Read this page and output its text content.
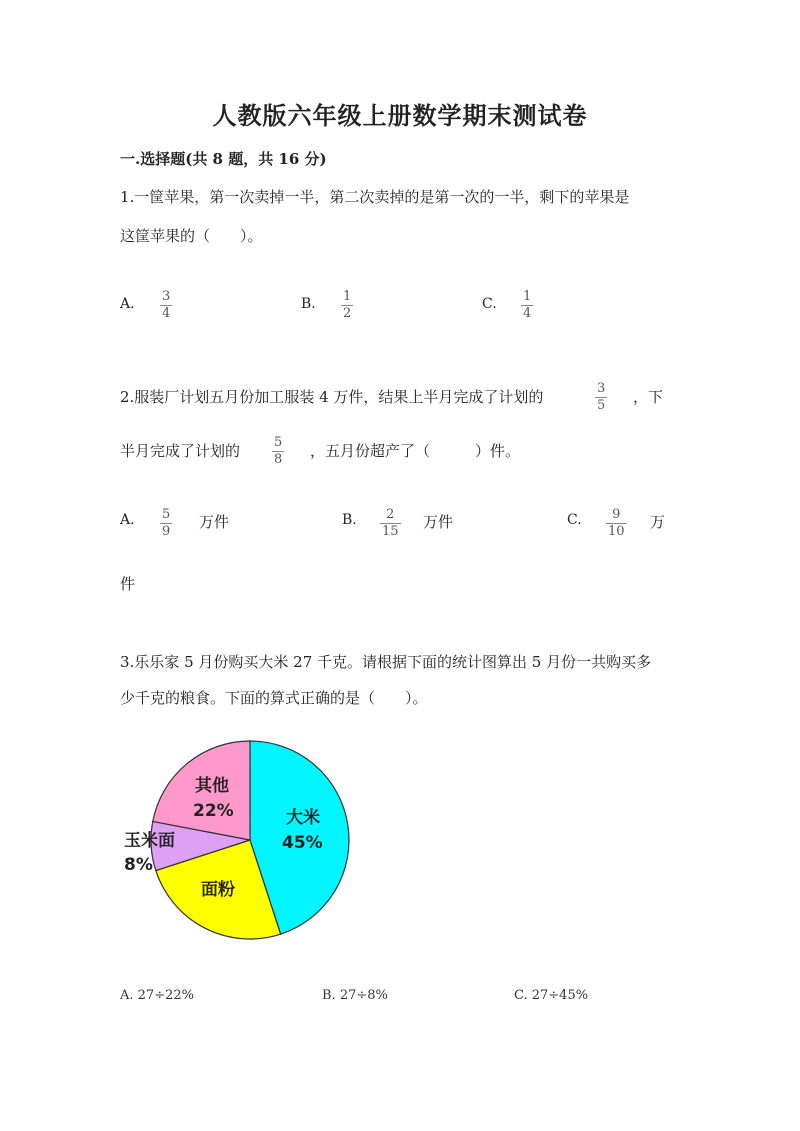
人教版六年级上册数学期末测试卷
一.选择题(共 8 题，共 16 分)
1.一筐苹果，第一次卖掉一半，第二次卖掉的是第一次的一半，剩下的苹果是
这筐苹果的（　　）。
A. $\frac{3}{4}$	B. $\frac{1}{2}$	C. $\frac{1}{4}$
2.服装厂计划五月份加工服装 4 万件，结果上半月完成了计划的	$\frac{3}{5}$ ，下
半月完成了计划的 $\frac{5}{8}$ ，五月份超产了（　　　）件。
A. $\frac{5}{9}$ 万件	B. $\frac{2}{15}$ 万件	C. $\frac{9}{10}$ 万
件
3.乐乐家 5 月份购买大米 27 千克。请根据下面的统计图算出 5 月份一共购买多
少千克的粮食。下面的算式正确的是（　　）。
大米
45%
面粉
玉米面
8%
其他
22%
A. 27÷22%	B. 27÷8%	C. 27÷45%
